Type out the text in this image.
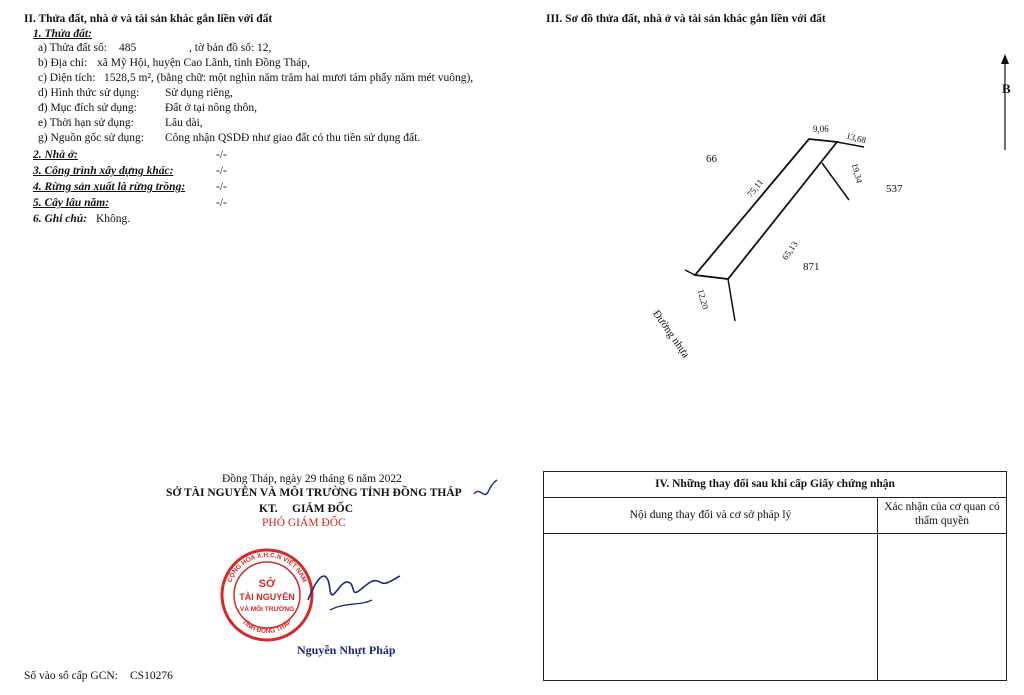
II. Thửa đất, nhà ở và tài sản khác gắn liền với đất
1. Thửa đất:
a) Thửa đất số: 485	, tờ bản đồ số: 12,
b) Địa chỉ: xã Mỹ Hội, huyện Cao Lãnh, tỉnh Đồng Tháp,
c) Diện tích: 1528,5 m², (bằng chữ: một nghìn năm trăm hai mươi tám phẩy năm mét vuông),
d) Hình thức sử dụng: Sử dụng riêng,
đ) Mục đích sử dụng: Đất ở tại nông thôn,
e) Thời hạn sử dụng:	Lâu dài,
g) Nguồn gốc sử dụng: Công nhận QSDĐ như giao đất có thu tiền sử dụng đất.
2. Nhà ở:	-/-
3. Công trình xây dựng khác:	-/-
4. Rừng sản xuất là rừng trồng:	-/-
5. Cây lâu năm:	-/-
6. Ghi chú: Không.
III. Sơ đồ thửa đất, nhà ở và tài sản khác gắn liền với đất
B
66
537
871
9,06
13,68
75,11
19,34
65,13
12,20
Đường nhựa
Đồng Tháp, ngày 29 tháng 6 năm 2022
SỞ TÀI NGUYÊN VÀ MÔI TRƯỜNG TỈNH ĐỒNG THÁP
KT. GIÁM ĐỐC
PHÓ GIÁM ĐỐC
CỘNG HÒA X.H.C.N VIỆT NAM
TỈNH ĐỒNG THÁP
SỞ
TÀI NGUYÊN
VÀ MÔI TRƯỜNG
Nguyễn Nhựt Pháp
Số vào sổ cấp GCN: CS10276
IV. Những thay đổi sau khi cấp Giấy chứng nhận
Nội dung thay đổi và cơ sở pháp lý
Xác nhận của cơ quan có thẩm quyền
